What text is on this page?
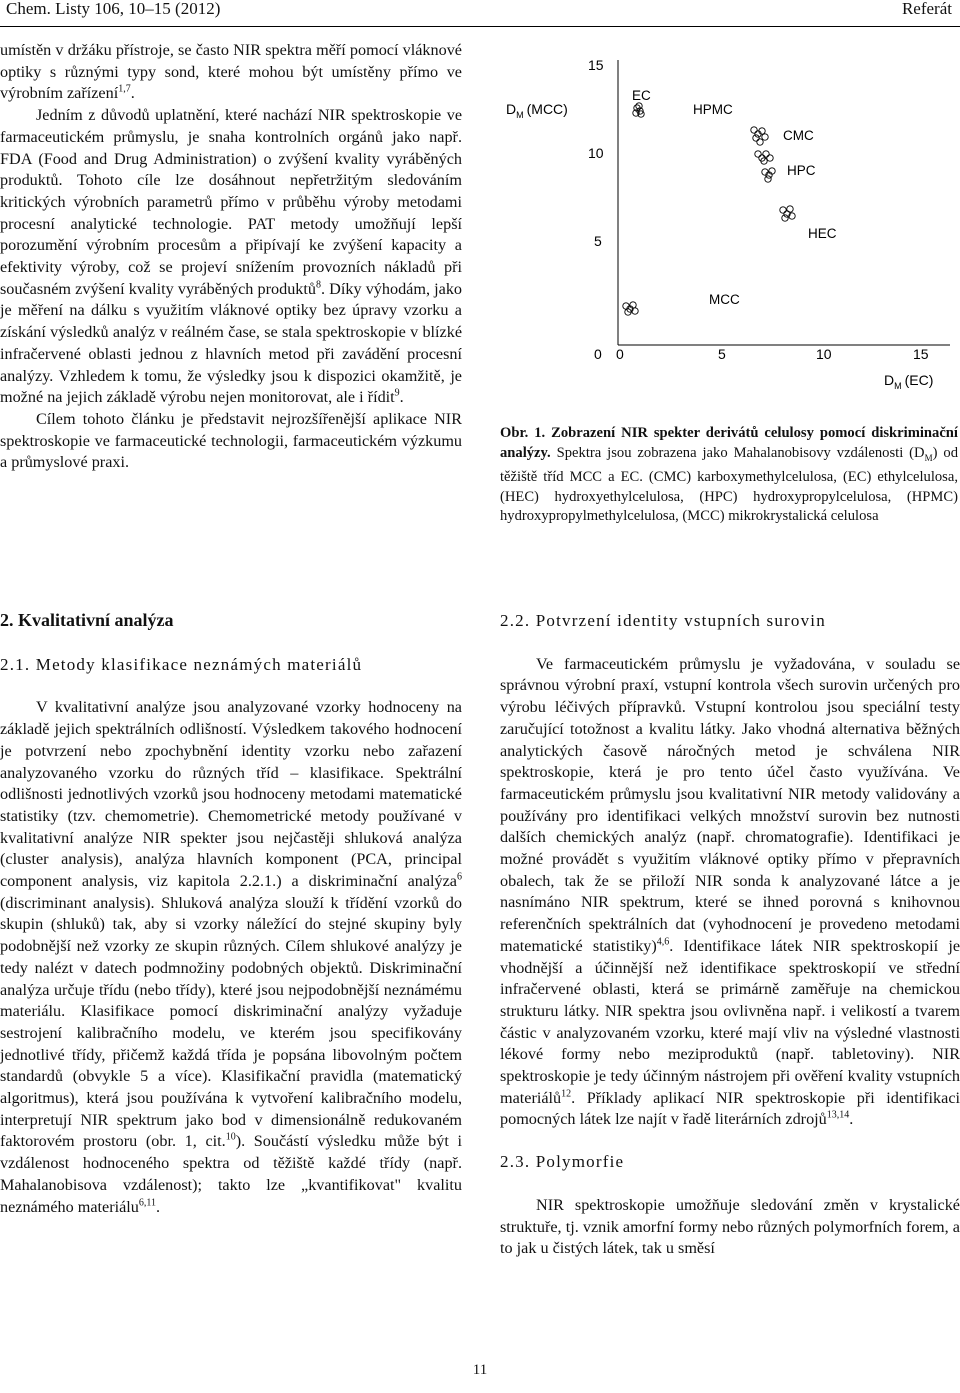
Chem. Listy 106, 10–15 (2012)	Referát

umístěn v držáku přístroje, se často NIR spektra měří pomocí vláknové optiky s různými typy sond, které mohou být umístěny přímo ve výrobním zařízení$^{1,7}$.

Jedním z důvodů uplatnění, které nachází NIR spektroskopie ve farmaceutickém průmyslu, je snaha kontrolních orgánů jako např. FDA (Food and Drug Administration) o zvýšení kvality vyráběných produktů. Tohoto cíle lze dosáhnout nepřetržitým sledováním kritických výrobních parametrů přímo v průběhu výroby metodami procesní analytické technologie. PAT metody umožňují lepší porozumění výrobním procesům a připívají ke zvýšení kapacity a efektivity výroby, což se projeví snížením provozních nákladů při současném zvýšení kvality vyráběných produktů$^8$. Díky výhodám, jako je měření na dálku s využitím vláknové optiky bez úpravy vzorku a získání výsledků analýz v reálném čase, se stala spektroskopie v blízké infračervené oblasti jednou z hlavních metod při zavádění procesní analýzy. Vzhledem k tomu, že výsledky jsou k dispozici okamžitě, je možné na jejich základě výrobu nejen monitorovat, ale i řídit$^9$.

Cílem tohoto článku je představit nejrozšířenější aplikace NIR spektroskopie ve farmaceutické technologii, farmaceutickém výzkumu a průmyslové praxi.

15
10
5
0
$D_M$ (MCC)
0	5	10	15
$D_M$ (EC)
EC
HPMC
CMC
HPC
HEC
MCC
Obr. 1. Zobrazení NIR spekter derivátů celulosy pomocí diskriminační analýzy. Spektra jsou zobrazena jako Mahalanobisovy vzdálenosti $(D_M)$ od těžiště tříd MCC a EC. (CMC) karboxymethylcelulosa, (EC) ethylcelulosa, (HEC) hydroxyethylcelulosa, (HPC) hydroxypropylcelulosa, (HPMC) hydroxypropylmethylcelulosa, (MCC) mikrokrystalická celulosa
2. Kvalitativní analýza
2.1. Metody klasifikace neznámých materiálů

V kvalitativní analýze jsou analyzované vzorky hodnoceny na základě jejich spektrálních odlišností. Výsledkem takového hodnocení je potvrzení nebo zpochybnění identity vzorku nebo zařazení analyzovaného vzorku do různých tříd – klasifikace. Spektrální odlišnosti jednotlivých vzorků jsou hodnoceny metodami matematické statistiky (tzv. chemometrie). Chemometrické metody používané v kvalitativní analýze NIR spekter jsou nejčastěji shluková analýza (cluster analysis), analýza hlavních komponent (PCA, principal component analysis, viz kapitola 2.2.1.) a diskriminační analýza$^6$ (discriminant analysis). Shluková analýza slouží k třídění vzorků do skupin (shluků) tak, aby si vzorky náležící do stejné skupiny byly podobnější než vzorky ze skupin různých. Cílem shlukové analýzy je tedy nalézt v datech podmnožiny podobných objektů. Diskriminační analýza určuje třídu (nebo třídy), které jsou nejpodobnější neznámému materiálu. Klasifikace pomocí diskriminační analýzy vyžaduje sestrojení kalibračního modelu, ve kterém jsou specifikovány jednotlivé třídy, přičemž každá třída je popsána libovolným počtem standardů (obvykle 5 a více). Klasifikační pravidla (matematický algoritmus), která jsou používána k vytvoření kalibračního modelu, interpretují NIR spektrum jako bod v dimensionálně redukovaném faktorovém prostoru (obr. 1, cit.$^{10}$). Součástí výsledku může být i vzdálenost hodnoceného spektra od těžiště každé třídy (např. Mahalanobisova vzdálenost); takto lze „kvantifikovat" kvalitu neznámého materiálu$^{6,11}$.

2.2. Potvrzení identity vstupních surovin

Ve farmaceutickém průmyslu je vyžadována, v souladu se správnou výrobní praxí, vstupní kontrola všech surovin určených pro výrobu léčivých přípravků. Vstupní kontrolou jsou speciální testy zaručující totožnost a kvalitu látky. Jako vhodná alternativa běžných analytických časově náročných metod je schválena NIR spektroskopie, která je pro tento účel často využívána. Ve farmaceutickém průmyslu jsou kvalitativní NIR metody validovány a používány pro identifikaci velkých množství surovin bez nutnosti dalších chemických analýz (např. chromatografie). Identifikaci je možné provádět s využitím vláknové optiky přímo v přepravních obalech, tak že se přiloží NIR sonda k analyzované látce a je nasnímáno NIR spektrum, které se ihned porovná s knihovnou referenčních spektrálních dat (vyhodnocení je provedeno metodami matematické statistiky)$^{4,6}$. Identifikace látek NIR spektroskopií je vhodnější a účinnější než identifikace spektroskopií ve střední infračervené oblasti, která se primárně zaměřuje na chemickou strukturu látky. NIR spektra jsou ovlivněna např. i velikostí a tvarem částic v analyzovaném vzorku, které mají vliv na výsledné vlastnosti lékové formy nebo meziproduktů (např. tabletoviny). NIR spektroskopie je tedy účinným nástrojem při ověření kvality vstupních materiálů$^{12}$. Příklady aplikací NIR spektroskopie při identifikaci pomocných látek lze najít v řadě literárních zdrojů$^{13,14}$.

2.3. Polymorfie

NIR spektroskopie umožňuje sledování změn v krystalické struktuře, tj. vznik amorfní formy nebo různých polymorfních forem, a to jak u čistých látek, tak u směsí

11
